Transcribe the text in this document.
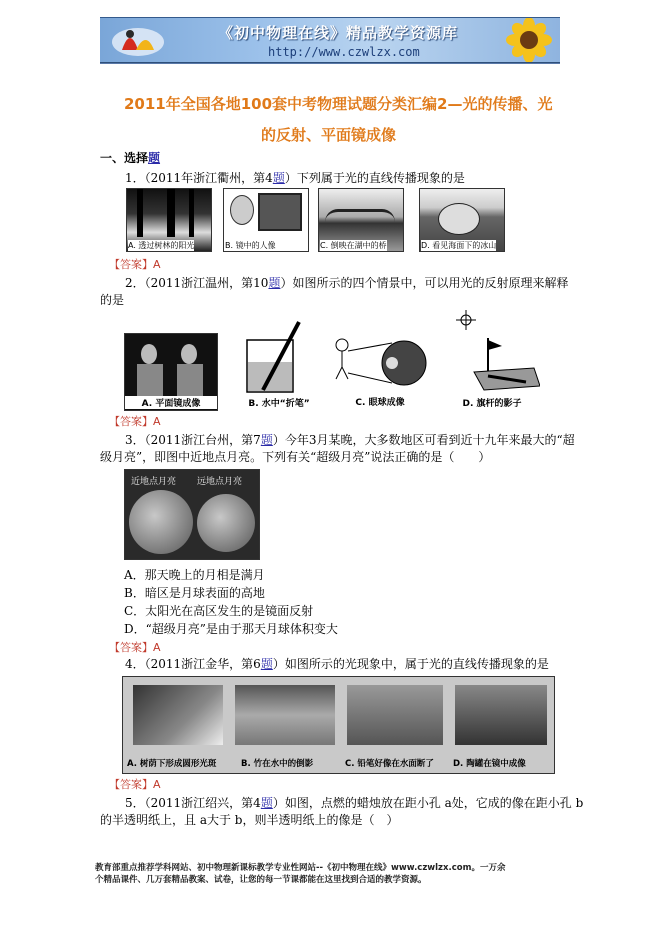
《初中物理在线》精品教学资源库
http://www.czwlzx.com
2011年全国各地100套中考物理试题分类汇编2—光的传播、光
的反射、平面镜成像
一、选择题
1．（2011年浙江衢州，第4题）下列属于光的直线传播现象的是
A. 透过树林的阳光	B. 镜中的人像	C. 倒映在湖中的桥	D. 看见海面下的冰山
【答案】A
2．（2011浙江温州，第10题）如图所示的四个情景中，可以用光的反射原理来解释
的是
A. 平面镜成像	B. 水中“折笔”	C. 眼球成像	D. 旗杆的影子
【答案】A
3．（2011浙江台州，第7题）今年3月某晚，大多数地区可看到近十九年来最大的“超
级月亮”，即图中近地点月亮。下列有关“超级月亮”说法正确的是（　　）
近地点月亮 远地点月亮
A．那天晚上的月相是满月
B．暗区是月球表面的高地
C．太阳光在高区发生的是镜面反射
D．“超级月亮”是由于那天月球体积变大
【答案】A
4．（2011浙江金华，第6题）如图所示的光现象中，属于光的直线传播现象的是
A. 树荫下形成圆形光斑	B. 竹在水中的倒影	C. 铅笔好像在水面断了 D. 陶罐在镜中成像
【答案】A
5．（2011浙江绍兴，第4题）如图，点燃的蜡烛放在距小孔 a处，它成的像在距小孔 b
的半透明纸上，且 a大于 b，则半透明纸上的像是（　）
教育部重点推荐学科网站、初中物理新课标教学专业性网站--《初中物理在线》www.czwlzx.com。一万余
个精品课件、几万套精品教案、试卷，让您的每一节课都能在这里找到合适的教学资源。
